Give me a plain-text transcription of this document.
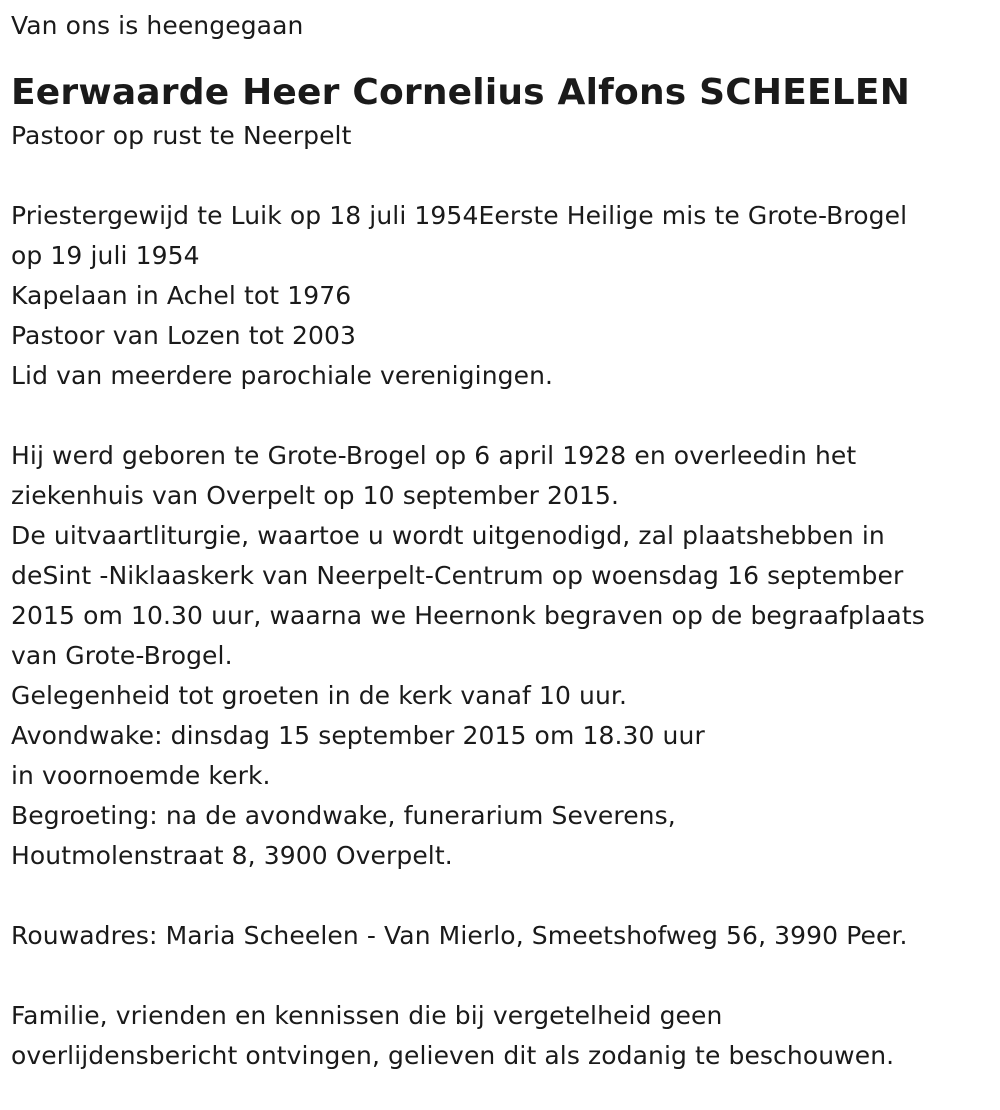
Van ons is heengegaan
Eerwaarde Heer Cornelius Alfons SCHEELEN
Pastoor op rust te Neerpelt
Priestergewijd te Luik op 18 juli 1954Eerste Heilige mis te Grote-Brogel
op 19 juli 1954
Kapelaan in Achel tot 1976
Pastoor van Lozen tot 2003
Lid van meerdere parochiale verenigingen.
Hij werd geboren te Grote-Brogel op 6 april 1928 en overleedin het
ziekenhuis van Overpelt op 10 september 2015.
De uitvaartliturgie, waartoe u wordt uitgenodigd, zal plaatshebben in
deSint -Niklaaskerk van Neerpelt-Centrum op woensdag 16 september
2015 om 10.30 uur, waarna we Heernonk begraven op de begraafplaats
van Grote-Brogel.
Gelegenheid tot groeten in de kerk vanaf 10 uur.
Avondwake: dinsdag 15 september 2015 om 18.30 uur
in voornoemde kerk.
Begroeting: na de avondwake, funerarium Severens,
Houtmolenstraat 8, 3900 Overpelt.
Rouwadres: Maria Scheelen - Van Mierlo, Smeetshofweg 56, 3990 Peer.
Familie, vrienden en kennissen die bij vergetelheid geen
overlijdensbericht ontvingen, gelieven dit als zodanig te beschouwen.
